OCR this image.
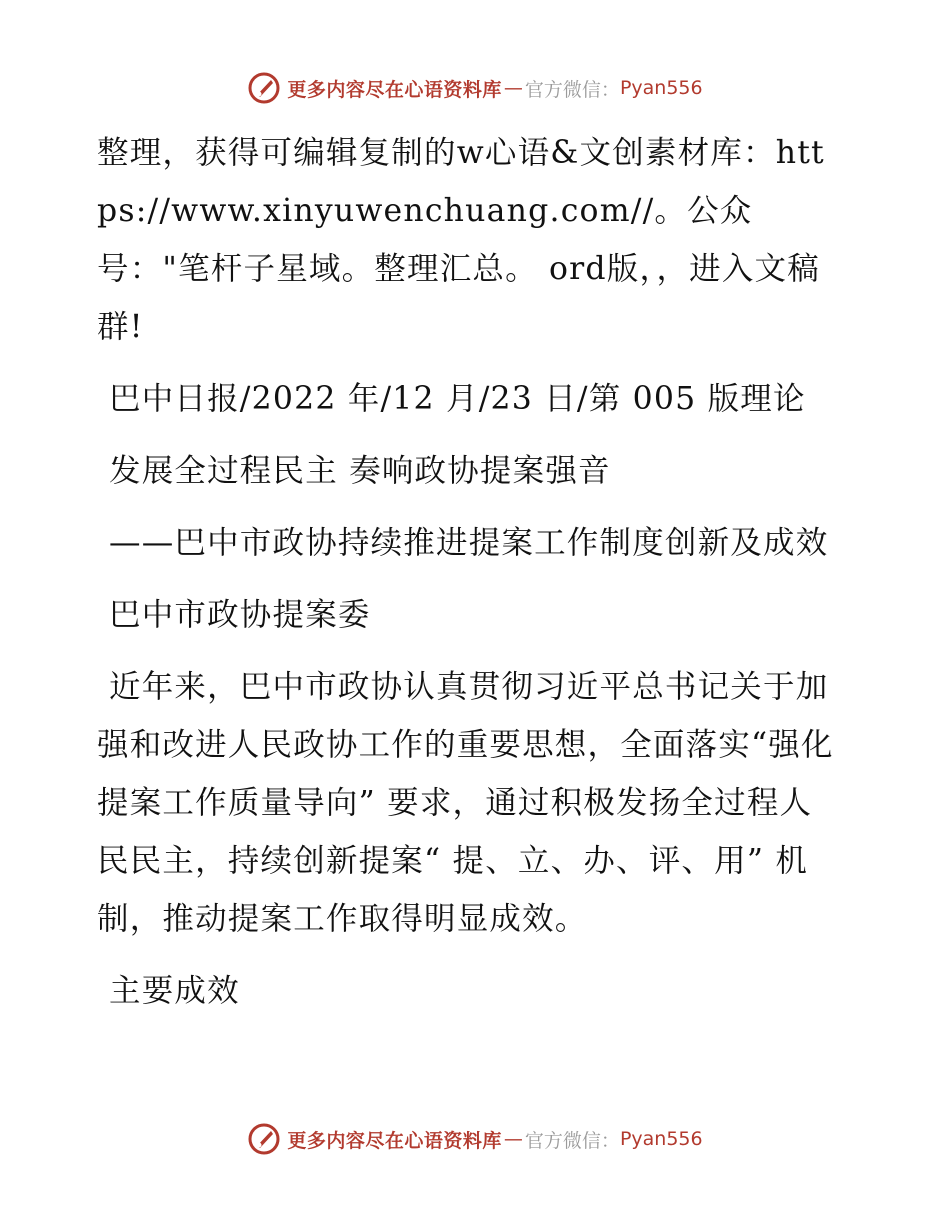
更多内容尽在心语资料库 — 官方微信： Pyan556

整理，获得可编辑复制的w心语&文创素材库：https://www.xinyuwenchuang.com//。公众号："笔杆子星域。整理汇总。 ord版，，进入文稿群!

巴中日报/2022 年/12 月/23 日/第 005 版理论

发展全过程民主 奏响政协提案强音

——巴中市政协持续推进提案工作制度创新及成效

巴中市政协提案委

近年来，巴中市政协认真贯彻习近平总书记关于加强和改进人民政协工作的重要思想，全面落实“强化提案工作质量导向” 要求，通过积极发扬全过程人民民主，持续创新提案“ 提、立、办、评、用” 机制，推动提案工作取得明显成效。

主要成效

更多内容尽在心语资料库 — 官方微信： Pyan556
